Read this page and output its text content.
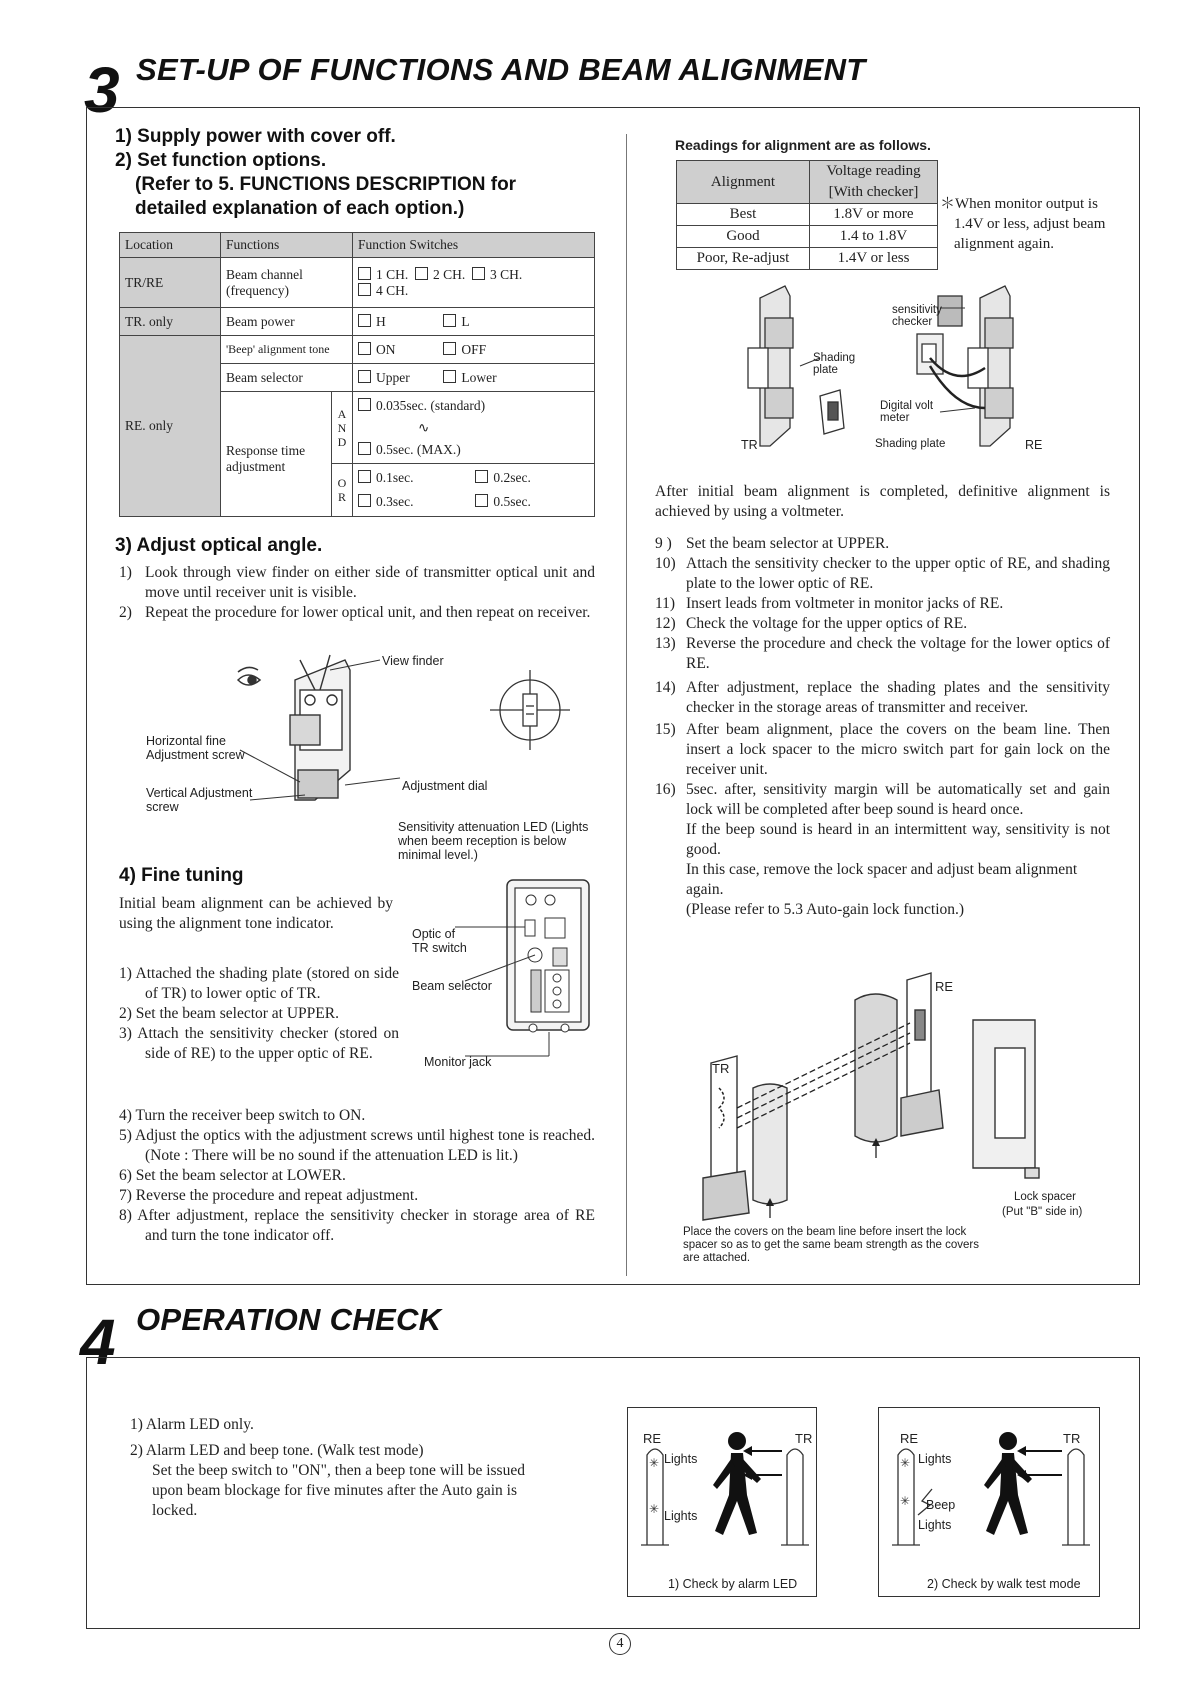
3 SET-UP OF FUNCTIONS AND BEAM ALIGNMENT
1) Supply power with cover off.
2) Set function options.
(Refer to 5. FUNCTIONS DESCRIPTION for
detailed explanation of each option.)
Location	Functions		Function Switches
TR/RE	Beam channel (frequency)		1 CH. 2 CH. 3 CH.
4 CH.
TR. only	Beam power		H L
RE. only	'Beep' alignment tone		ON OFF
	Beam selector		Upper Lower
	Response time adjustment	A N D	0.035sec. (standard)
∿
0.5sec. (MAX.)
		O R	0.1sec. 0.2sec.
0.3sec. 0.5sec.
3) Adjust optical angle.
1) Look through view finder on either side of transmitter optical unit and move until receiver unit is visible.
2) Repeat the procedure for lower optical unit, and then repeat on receiver.
View finder
Horizontal fine Adjustment screw
Vertical Adjustment screw
Adjustment dial
4) Fine tuning
Initial beam alignment can be achieved by using the alignment tone indicator.
1) Attached the shading plate (stored on side of TR) to lower optic of TR.
2) Set the beam selector at UPPER.
3) Attach the sensitivity checker (stored on side of RE) to the upper optic of RE.
4) Turn the receiver beep switch to ON.
5) Adjust the optics with the adjustment screws until highest tone is reached. (Note : There will be no sound if the attenuation LED is lit.)
6) Set the beam selector at LOWER.
7) Reverse the procedure and repeat adjustment.
8) After adjustment, replace the sensitivity checker in storage area of RE and turn the tone indicator off.
Sensitivity attenuation LED (Lights when beem reception is below minimal level.)
Optic of TR switch
Beam selector
Monitor jack
Readings for alignment are as follows.
Alignment	Voltage reading
	[With checker]
Best	1.8V or more
Good	1.4 to 1.8V
Poor, Re-adjust	1.4V or less
＊When monitor output is 1.4V or less, adjust beam alignment again.
sensitivity checker
Shading plate
Digital volt meter
Shading plate
TR	RE
After initial beam alignment is completed, definitive alignment is achieved by using a voltmeter.
9 ) Set the beam selector at UPPER.
10) Attach the sensitivity checker to the upper optic of RE, and shading plate to the lower optic of RE.
11) Insert leads from voltmeter in monitor jacks of RE.
12) Check the voltage for the upper optics of RE.
13) Reverse the procedure and check the voltage for the lower optics of RE.
14) After adjustment, replace the shading plates and the sensitivity checker in the storage areas of transmitter and receiver.
15) After beam alignment, place the covers on the beam line. Then insert a lock spacer to the micro switch part for gain lock on the receiver unit.
16) 5sec. after, sensitivity margin will be automatically set and gain lock will be completed after beep sound is heard once.
If the beep sound is heard in an intermittent way, sensitivity is not good.
In this case, remove the lock spacer and adjust beam alignment again.
(Please refer to 5.3 Auto-gain lock function.)
RE
TR
Lock spacer
(Put "B" side in)
Place the covers on the beam line before insert the lock spacer so as to get the same beam strength as the covers are attached.
4 OPERATION CHECK
1) Alarm LED only.
2) Alarm LED and beep tone. (Walk test mode)
Set the beep switch to "ON", then a beep tone will be issued upon beam blockage for five minutes after the Auto gain is locked.
✳
✳
RE	TR
Lights
Lights
1) Check by alarm LED
✳
✳
RE	TR
Lights
Beep
Lights
2) Check by walk test mode
4
